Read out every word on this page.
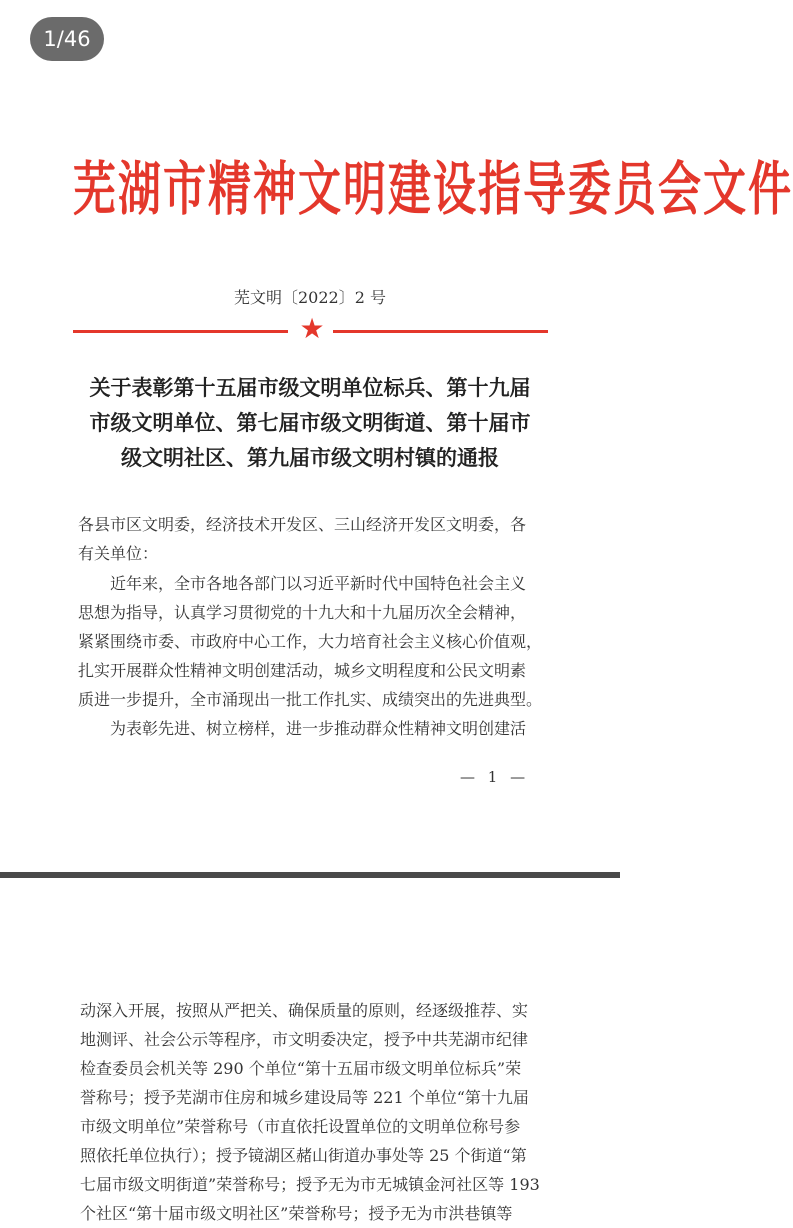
1/46
芜湖市精神文明建设指导委员会文件
芜文明〔2022〕2 号
★
关于表彰第十五届市级文明单位标兵、第十九届
市级文明单位、第七届市级文明街道、第十届市
级文明社区、第九届市级文明村镇的通报

各县市区文明委，经济技术开发区、三山经济开发区文明委，各

有关单位：

　　近年来，全市各地各部门以习近平新时代中国特色社会主义

思想为指导，认真学习贯彻党的十九大和十九届历次全会精神，

紧紧围绕市委、市政府中心工作，大力培育社会主义核心价值观，

扎实开展群众性精神文明创建活动，城乡文明程度和公民文明素

质进一步提升，全市涌现出一批工作扎实、成绩突出的先进典型。

　　为表彰先进、树立榜样，进一步推动群众性精神文明创建活

— 1 —

动深入开展，按照从严把关、确保质量的原则，经逐级推荐、实

地测评、社会公示等程序，市文明委决定，授予中共芜湖市纪律

检查委员会机关等 290 个单位“第十五届市级文明单位标兵”荣

誉称号；授予芜湖市住房和城乡建设局等 221 个单位“第十九届

市级文明单位”荣誉称号（市直依托设置单位的文明单位称号参

照依托单位执行）；授予镜湖区赭山街道办事处等 25 个街道“第

七届市级文明街道”荣誉称号；授予无为市无城镇金河社区等 193

个社区“第十届市级文明社区”荣誉称号；授予无为市洪巷镇等
